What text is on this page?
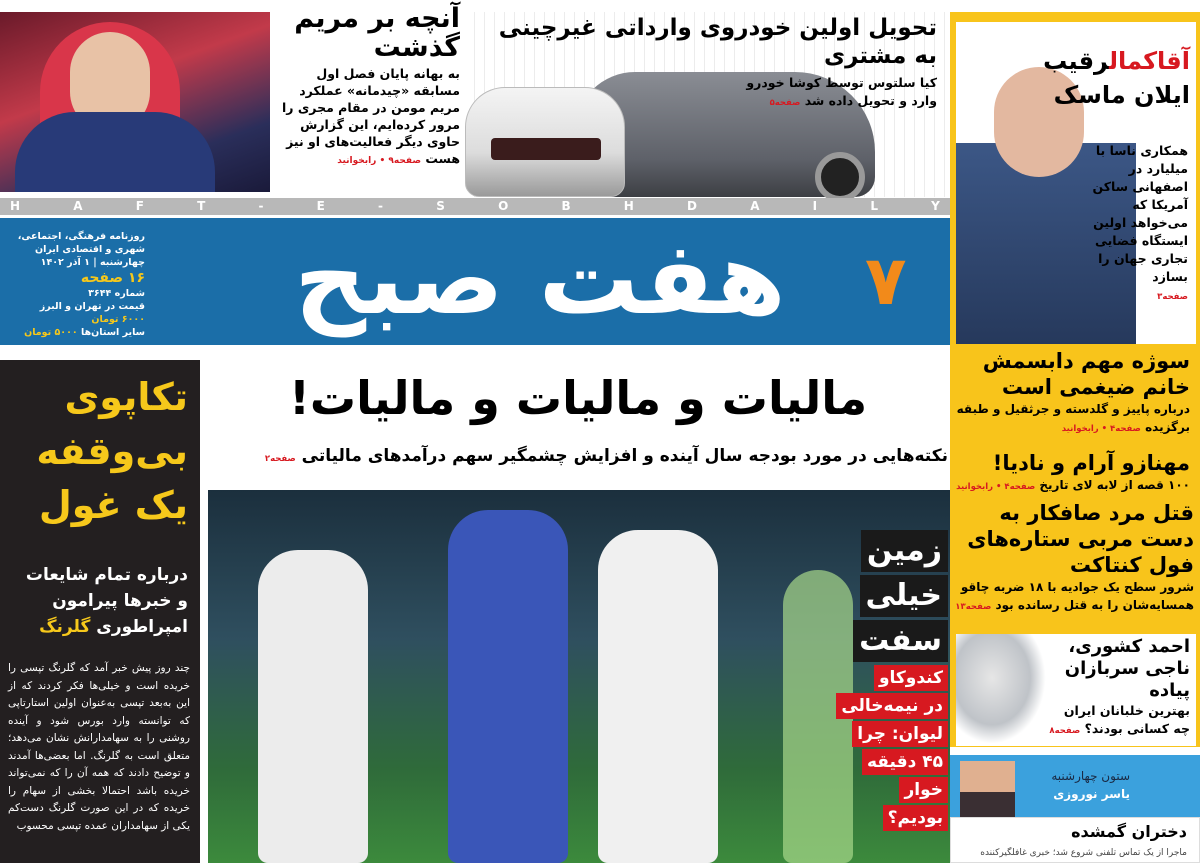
آنچه بر مریم گذشت

به بهانه پایان فصل اول مسابقه «چیدمانه» عملکرد مریم مومن در مقام مجری را مرور کرده‌ایم، این گزارش حاوی دیگر فعالیت‌های او نیز هست صفحه۹ • رابخوانید

تحویل اولین خودروی وارداتی غیرچینی به مشتری
کیا سلتوس توسط کوشا خودرو
وارد و تحویل داده شد صفحه۵
H	A	F	T	-	E	-	S	O	B	H	D	A	I	L	Y
هفت صبح	۷
روزنامه فرهنگی، اجتماعی، شهری و اقتصادی ایران
چهارشنبه | ۱ آذر ۱۴۰۲
۱۶ صفحه
شماره ۳۶۴۴
قیمت در تهران و البرز ۶۰۰۰ تومان
سایر استان‌ها ۵۰۰۰ تومان
آقاکمالرقیب
ایلان ماسک
همکاری ناسا با میلیارد در اصفهانی ساکن آمریکا که می‌خواهد اولین ایستگاه فضایی تجاری جهان را بسازد
صفحه۳
سوژه مهم دابسمش خانم ضیغمی است

درباره پاییز و گلدسته و جرثقیل و طبقه برگزیده صفحه۴ • رابخوانید

مهنازو آرام و نادیا!

۱۰۰ قصه از لابه لای تاریخ صفحه۴ • رابخوانید

قتل مرد صافکار به دست مربی ستاره‌های فول کنتاکت

شرور سطح یک جوادیه با ۱۸ ضربه چاقو همسایه‌شان را به قتل رسانده بود صفحه۱۳

احمد کشوری، ناجی سربازان پیاده

بهترین خلبانان ایران چه کسانی بودند؟ صفحه۸

ستون چهارشنبه
یاسر نوروزی
دختران گمشده

ماجرا از یک تماس تلفنی شروع شد؛ خبری غافلگیرکننده

مالیات و مالیات و مالیات!
نکته‌هایی در مورد بودجه سال آینده و افزایش چشمگیر سهم درآمدهای مالیاتی صفحه۲
تکاپوی
بی‌وقفه
یک غول
درباره تمام شایعات
و خبرها پیرامون
امپراطوری گلرنگ
چند روز پیش خبر آمد که گلرنگ تپسی را خریده است و خیلی‌ها فکر کردند که از این به‌بعد تپسی به‌عنوان اولین استارتاپی که توانسته وارد بورس شود و آینده روشنی را به سهامدارانش نشان می‌دهد؛ متعلق است به گلرنگ. اما بعضی‌ها آمدند و توضیح دادند که همه آن را که نمی‌تواند خریده باشد احتمالا بخشی از سهام را خریده که در این صورت گلرنگ دست‌کم یکی از سهامداران عمده تپسی محسوب
زمین
خیلی
سفت
کندوکاو
در نیمه‌خالی
لیوان: چرا
۴۵ دقیقه
خوار
بودیم؟
